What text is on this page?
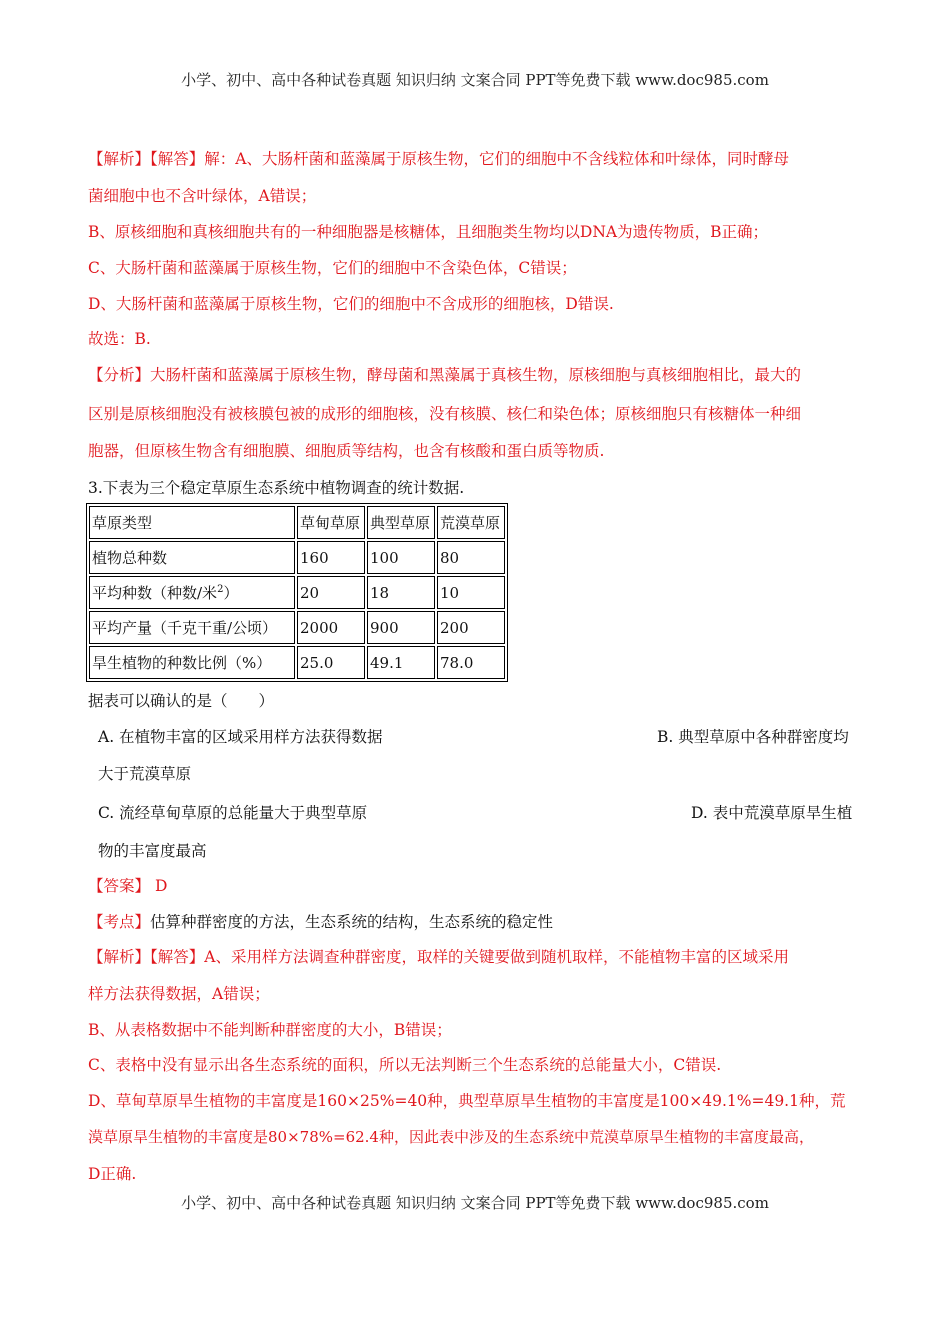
小学、初中、高中各种试卷真题 知识归纳 文案合同 PPT等免费下载 www.doc985.com
【解析】【解答】解：A、大肠杆菌和蓝藻属于原核生物，它们的细胞中不含线粒体和叶绿体，同时酵母
菌细胞中也不含叶绿体，A错误；
B、原核细胞和真核细胞共有的一种细胞器是核糖体，且细胞类生物均以DNA为遗传物质，B正确；
C、大肠杆菌和蓝藻属于原核生物，它们的细胞中不含染色体，C错误；
D、大肠杆菌和蓝藻属于原核生物，它们的细胞中不含成形的细胞核，D错误.
故选：B.
【分析】大肠杆菌和蓝藻属于原核生物，酵母菌和黑藻属于真核生物，原核细胞与真核细胞相比，最大的
区别是原核细胞没有被核膜包被的成形的细胞核，没有核膜、核仁和染色体；原核细胞只有核糖体一种细
胞器，但原核生物含有细胞膜、细胞质等结构，也含有核酸和蛋白质等物质.
3.下表为三个稳定草原生态系统中植物调查的统计数据.
草原类型	草甸草原	典型草原	荒漠草原
植物总种数	160	100	80
平均种数（种数/米$^2$）	20	18	10
平均产量（千克干重/公顷）	2000	900	200
旱生植物的种数比例（%）	25.0	49.1	78.0
据表可以确认的是（　　）
A. 在植物丰富的区域采用样方法获得数据	B. 典型草原中各种群密度均
大于荒漠草原
C. 流经草甸草原的总能量大于典型草原	D. 表中荒漠草原旱生植
物的丰富度最高
【答案】 D
【考点】估算种群密度的方法，生态系统的结构，生态系统的稳定性
【解析】【解答】A、采用样方法调查种群密度，取样的关键要做到随机取样，不能植物丰富的区域采用
样方法获得数据，A错误；
B、从表格数据中不能判断种群密度的大小，B错误；
C、表格中没有显示出各生态系统的面积，所以无法判断三个生态系统的总能量大小，C错误.
D、草甸草原旱生植物的丰富度是160×25%=40种，典型草原旱生植物的丰富度是100×49.1%=49.1种，荒
漠草原旱生植物的丰富度是80×78%=62.4种，因此表中涉及的生态系统中荒漠草原旱生植物的丰富度最高，
D正确.
小学、初中、高中各种试卷真题 知识归纳 文案合同 PPT等免费下载 www.doc985.com
